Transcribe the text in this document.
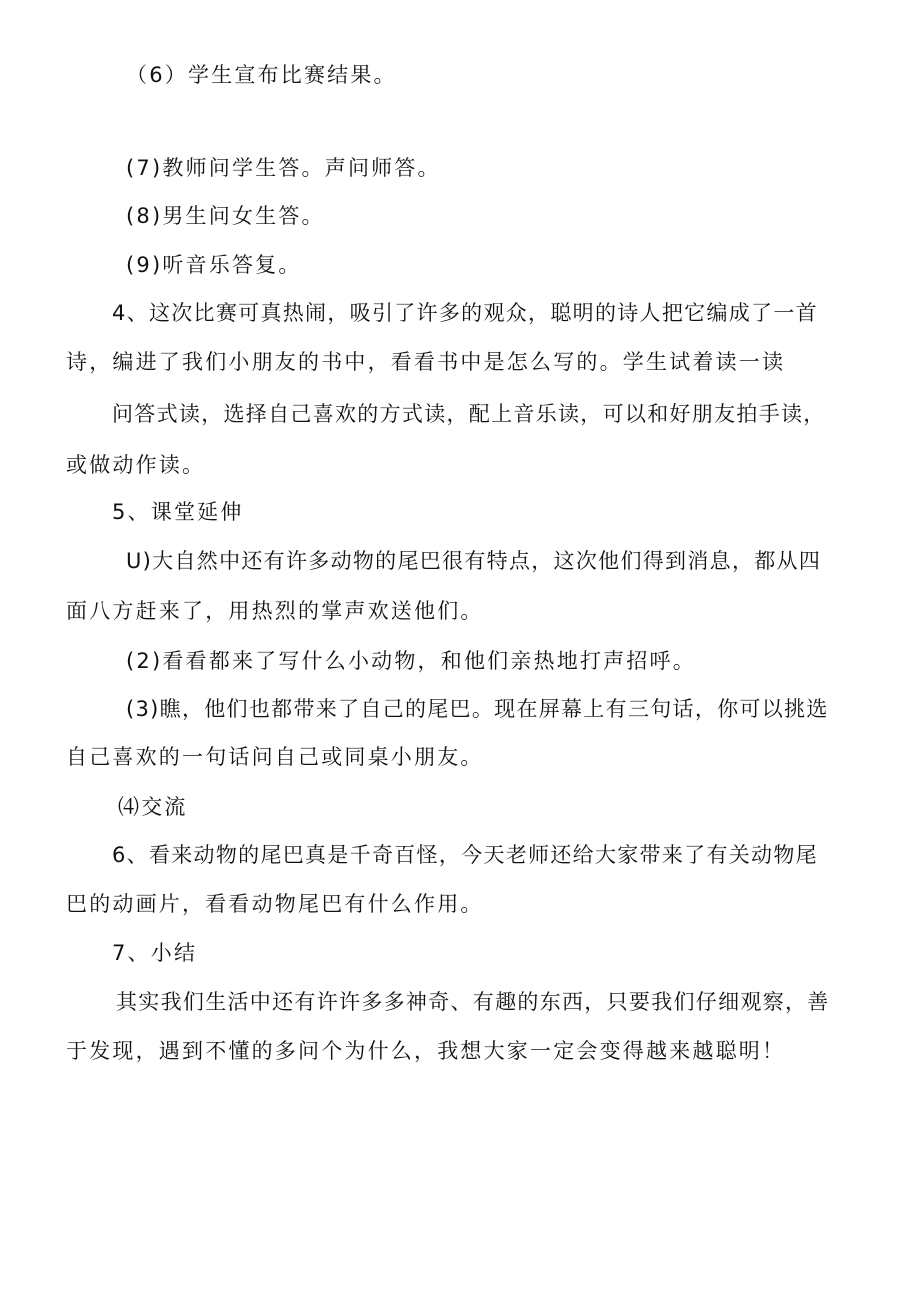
（6）学生宣布比赛结果。
(7)教师问学生答。声问师答。
(8)男生问女生答。
(9)听音乐答复。
4、这次比赛可真热闹，吸引了许多的观众，聪明的诗人把它编成了一首
诗，编进了我们小朋友的书中，看看书中是怎么写的。学生试着读一读
问答式读，选择自己喜欢的方式读，配上音乐读，可以和好朋友拍手读，
或做动作读。
5、课堂延伸
U)大自然中还有许多动物的尾巴很有特点，这次他们得到消息，都从四
面八方赶来了，用热烈的掌声欢送他们。
(2)看看都来了写什么小动物，和他们亲热地打声招呼。
(3)瞧，他们也都带来了自己的尾巴。现在屏幕上有三句话，你可以挑选
自己喜欢的一句话问自己或同桌小朋友。
⑷交流
6、看来动物的尾巴真是千奇百怪，今天老师还给大家带来了有关动物尾
巴的动画片，看看动物尾巴有什么作用。
7、小结
其实我们生活中还有许许多多神奇、有趣的东西，只要我们仔细观察，善
于发现，遇到不懂的多问个为什么，我想大家一定会变得越来越聪明！
